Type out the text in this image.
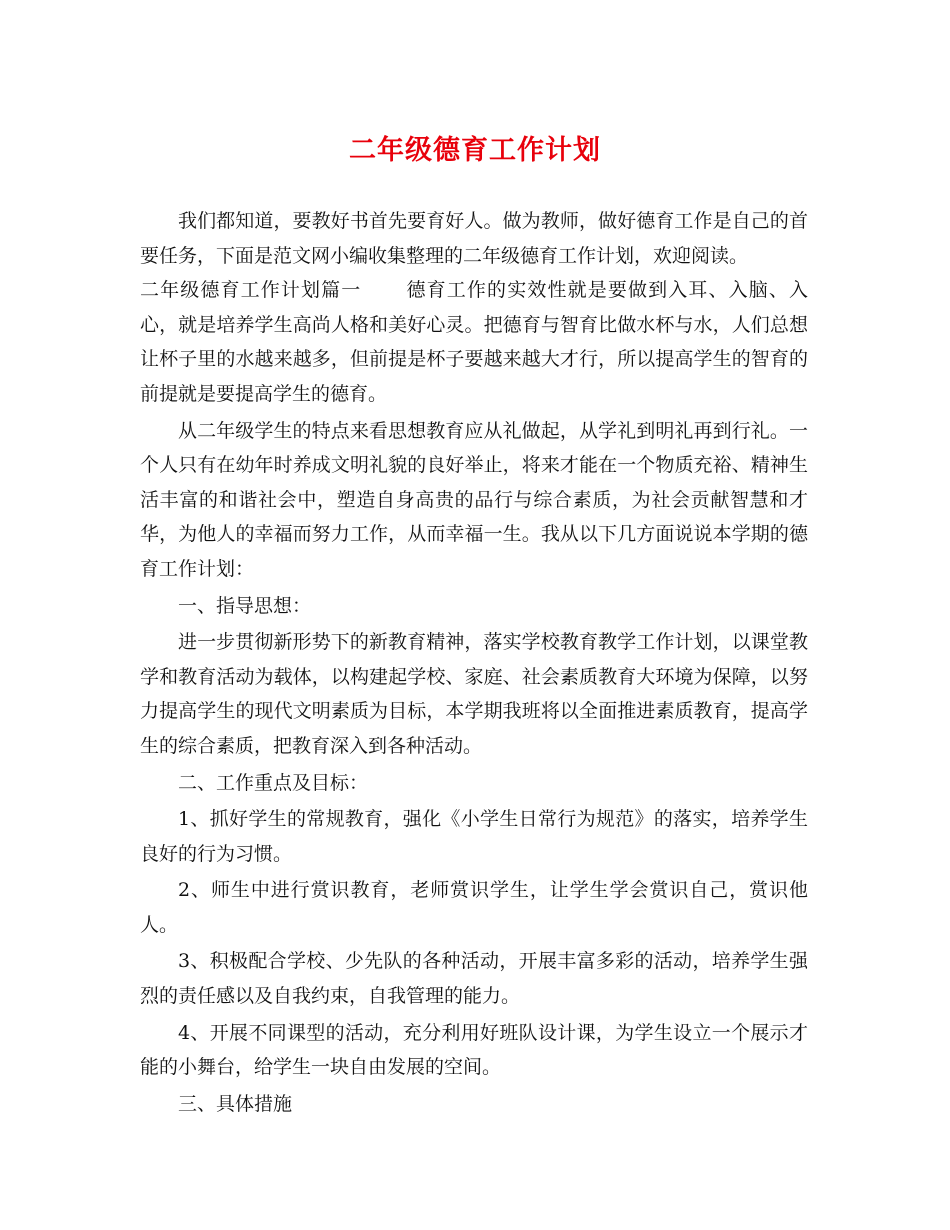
二年级德育工作计划

我们都知道，要教好书首先要育好人。做为教师，做好德育工作是自己的首要任务，下面是范文网小编收集整理的二年级德育工作计划，欢迎阅读。

二年级德育工作计划篇一 德育工作的实效性就是要做到入耳、入脑、入心，就是培养学生高尚人格和美好心灵。把德育与智育比做水杯与水，人们总想让杯子里的水越来越多，但前提是杯子要越来越大才行，所以提高学生的智育的前提就是要提高学生的德育。

从二年级学生的特点来看思想教育应从礼做起，从学礼到明礼再到行礼。一个人只有在幼年时养成文明礼貌的良好举止，将来才能在一个物质充裕、精神生活丰富的和谐社会中，塑造自身高贵的品行与综合素质，为社会贡献智慧和才华，为他人的幸福而努力工作，从而幸福一生。我从以下几方面说说本学期的德育工作计划：

一、指导思想：

进一步贯彻新形势下的新教育精神，落实学校教育教学工作计划，以课堂教学和教育活动为载体，以构建起学校、家庭、社会素质教育大环境为保障，以努力提高学生的现代文明素质为目标，本学期我班将以全面推进素质教育，提高学生的综合素质，把教育深入到各种活动。

二、工作重点及目标：

1、抓好学生的常规教育，强化《小学生日常行为规范》的落实，培养学生良好的行为习惯。

2、师生中进行赏识教育，老师赏识学生，让学生学会赏识自己，赏识他人。

3、积极配合学校、少先队的各种活动，开展丰富多彩的活动，培养学生强烈的责任感以及自我约束，自我管理的能力。

4、开展不同课型的活动，充分利用好班队设计课，为学生设立一个展示才能的小舞台，给学生一块自由发展的空间。

三、具体措施
